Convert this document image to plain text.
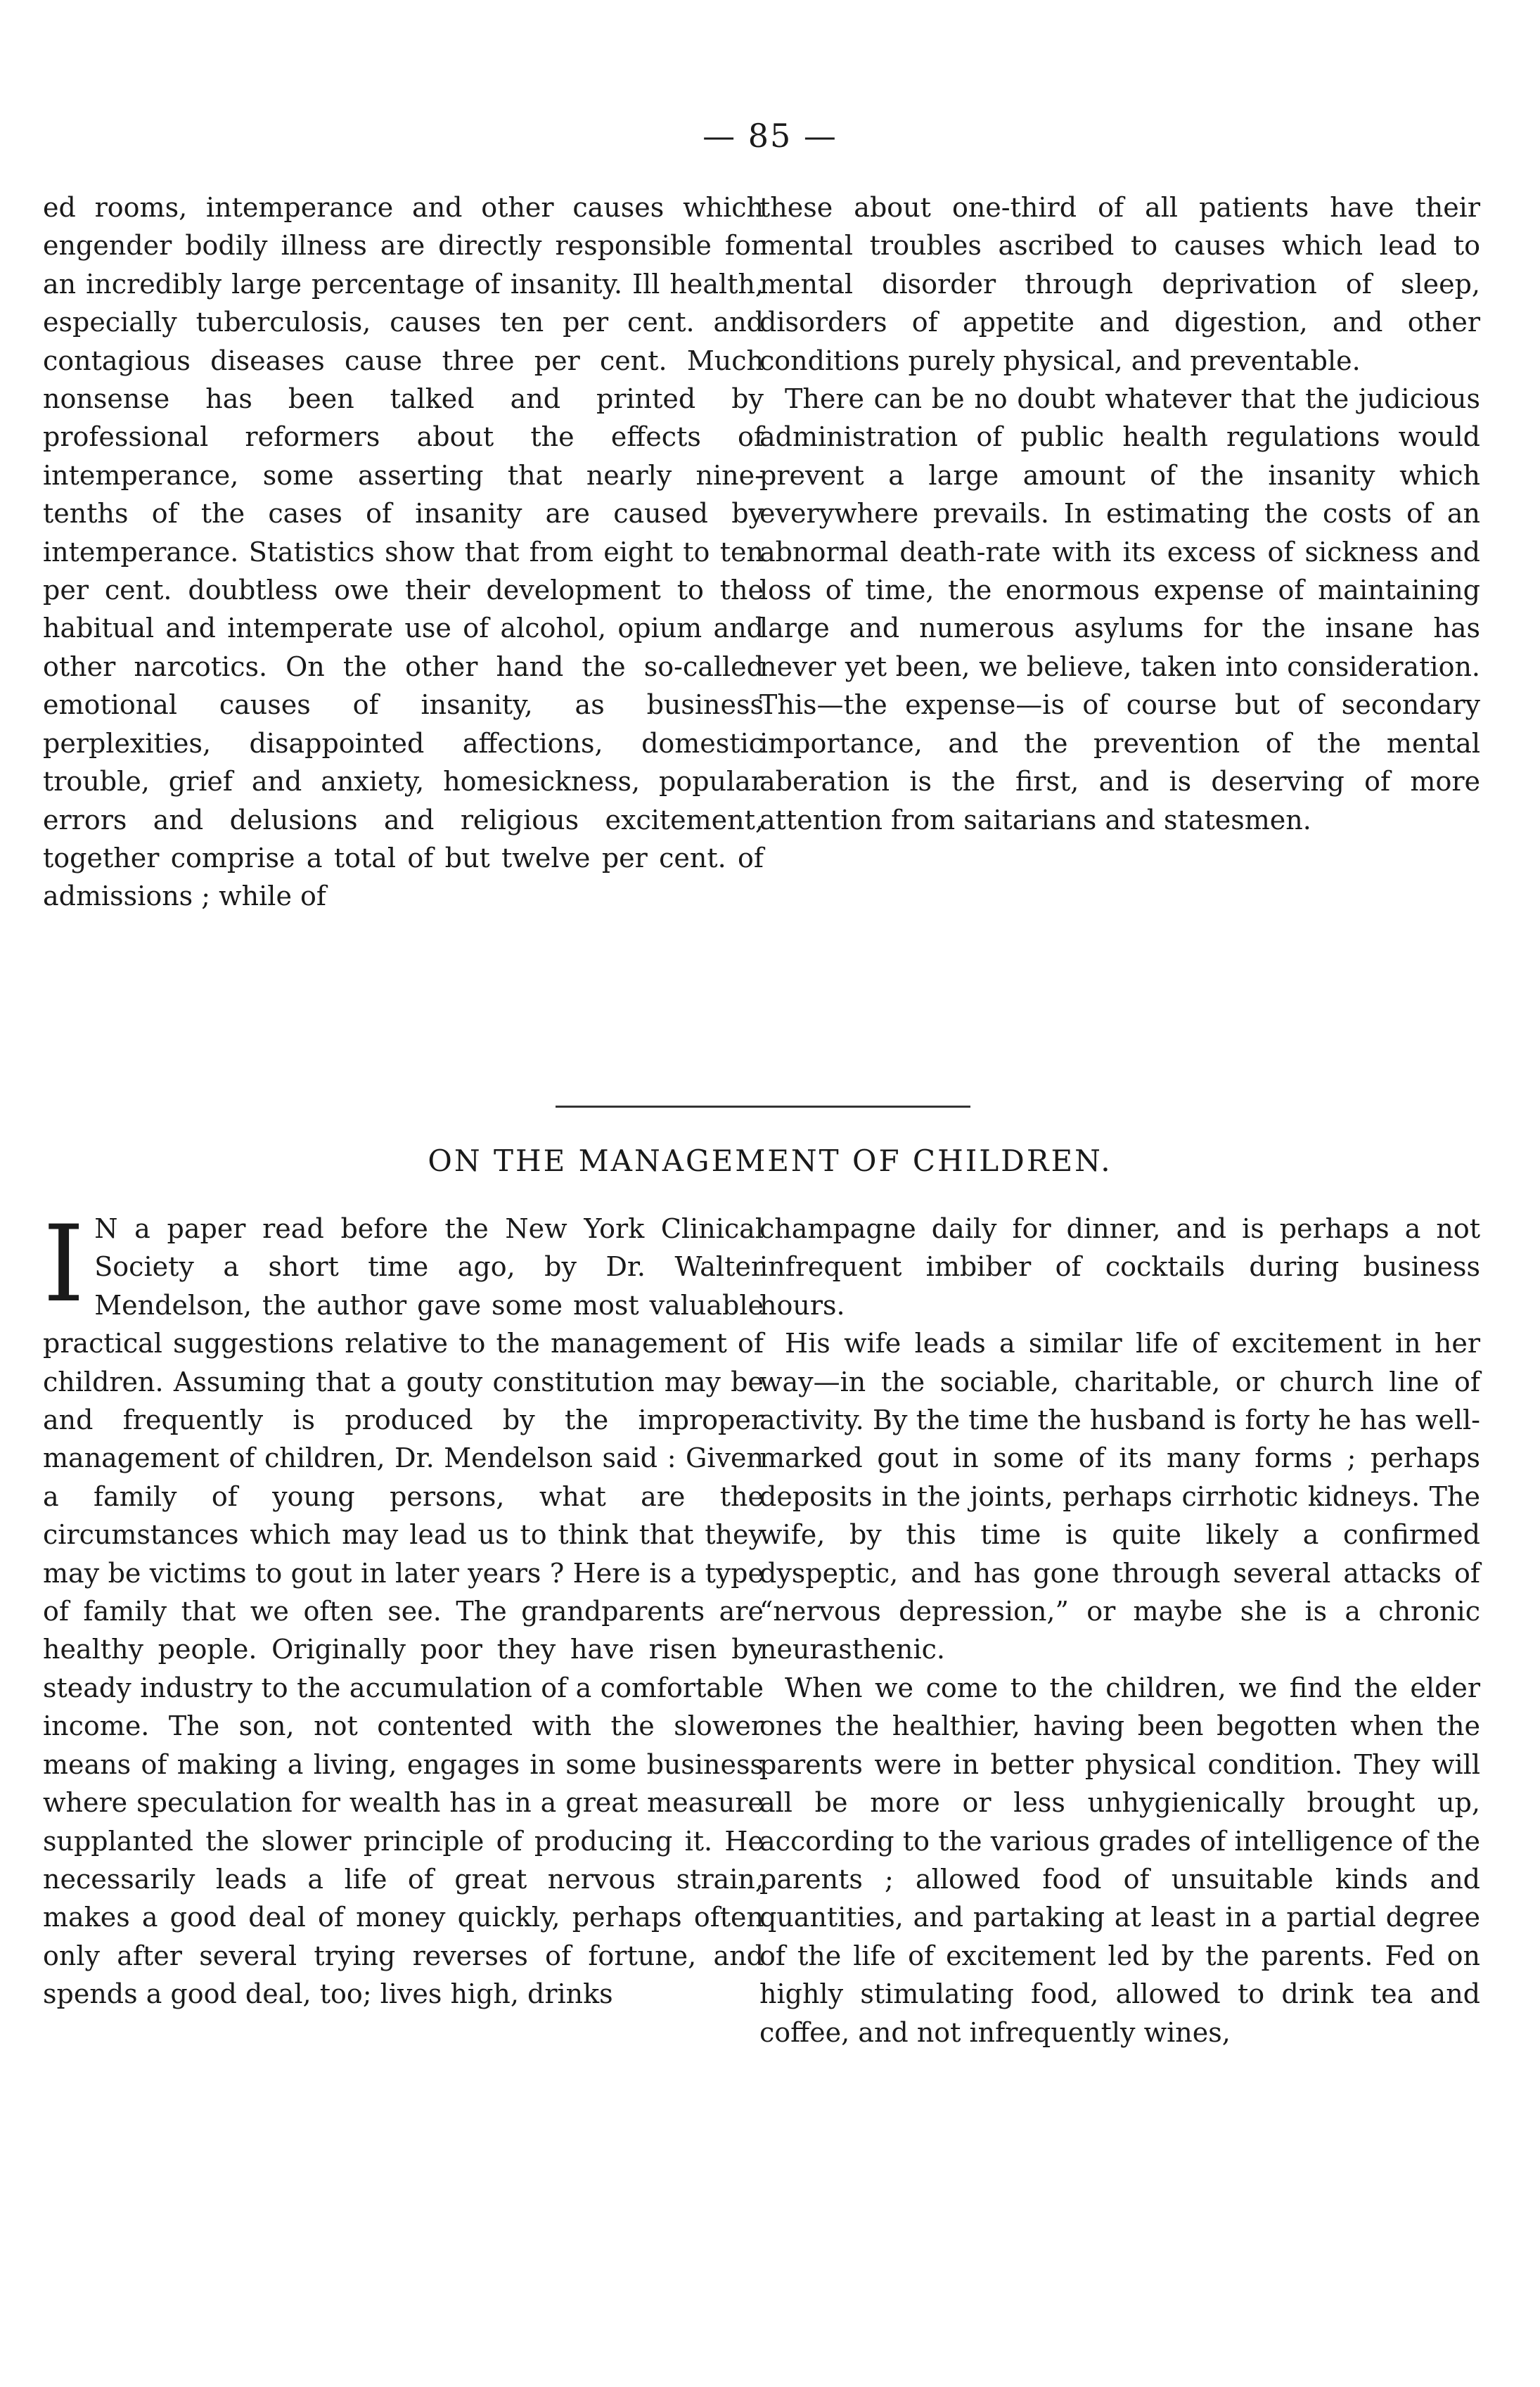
— 85 —

ed rooms, intemperance and other causes which engender bodily illness are directly responsible for an incredibly large percentage of insanity. Ill health, especially tuberculosis, causes ten per cent. and contagious diseases cause three per cent. Much nonsense has been talked and printed by professional reformers about the effects of intemperance, some asserting that nearly nine-tenths of the cases of insanity are caused by intemperance. Statistics show that from eight to ten per cent. doubtless owe their development to the habitual and intemperate use of alcohol, opium and other narcotics. On the other hand the so-called emotional causes of insanity, as business perplexities, disappointed affections, domestic trouble, grief and anxiety, homesickness, popular errors and delusions and religious excitement, together comprise a total of but twelve per cent. of admissions ; while of

these about one-third of all patients have their mental troubles ascribed to causes which lead to mental disorder through deprivation of sleep, disorders of appetite and digestion, and other conditions purely physical, and preventable.

There can be no doubt whatever that the judicious administration of public health regulations would prevent a large amount of the insanity which everywhere prevails. In estimating the costs of an abnormal death-rate with its excess of sickness and loss of time, the enormous expense of maintaining large and numerous asylums for the insane has never yet been, we believe, taken into consideration. This—the expense—is of course but of secondary importance, and the prevention of the mental aberation is the first, and is deserving of more attention from saitarians and statesmen.

ON THE MANAGEMENT OF CHILDREN.

I N a paper read before the New York Clinical Society a short time ago, by Dr. Walter Mendelson, the author gave some most valuable practical suggestions relative to the management of children. Assuming that a gouty constitution may be and frequently is produced by the improper management of children, Dr. Mendelson said : Given a family of young persons, what are the circumstances which may lead us to think that they may be victims to gout in later years ? Here is a type of family that we often see. The grandparents are healthy people. Originally poor they have risen by steady industry to the accumulation of a comfortable income. The son, not contented with the slower means of making a living, engages in some business where speculation for wealth has in a great measure supplanted the slower principle of producing it. He necessarily leads a life of great nervous strain, makes a good deal of money quickly, perhaps often only after several trying reverses of fortune, and spends a good deal, too; lives high, drinks

champagne daily for dinner, and is perhaps a not infrequent imbiber of cocktails during business hours.

His wife leads a similar life of excitement in her way—in the sociable, charitable, or church line of activity. By the time the husband is forty he has well-marked gout in some of its many forms ; perhaps deposits in the joints, perhaps cirrhotic kidneys. The wife, by this time is quite likely a confirmed dyspeptic, and has gone through several attacks of “nervous depression,” or maybe she is a chronic neurasthenic.

When we come to the children, we find the elder ones the healthier, having been begotten when the parents were in better physical condition. They will all be more or less unhygienically brought up, according to the various grades of intelligence of the parents ; allowed food of unsuitable kinds and quantities, and partaking at least in a partial degree of the life of excitement led by the parents. Fed on highly stimulating food, allowed to drink tea and coffee, and not infrequently wines,
